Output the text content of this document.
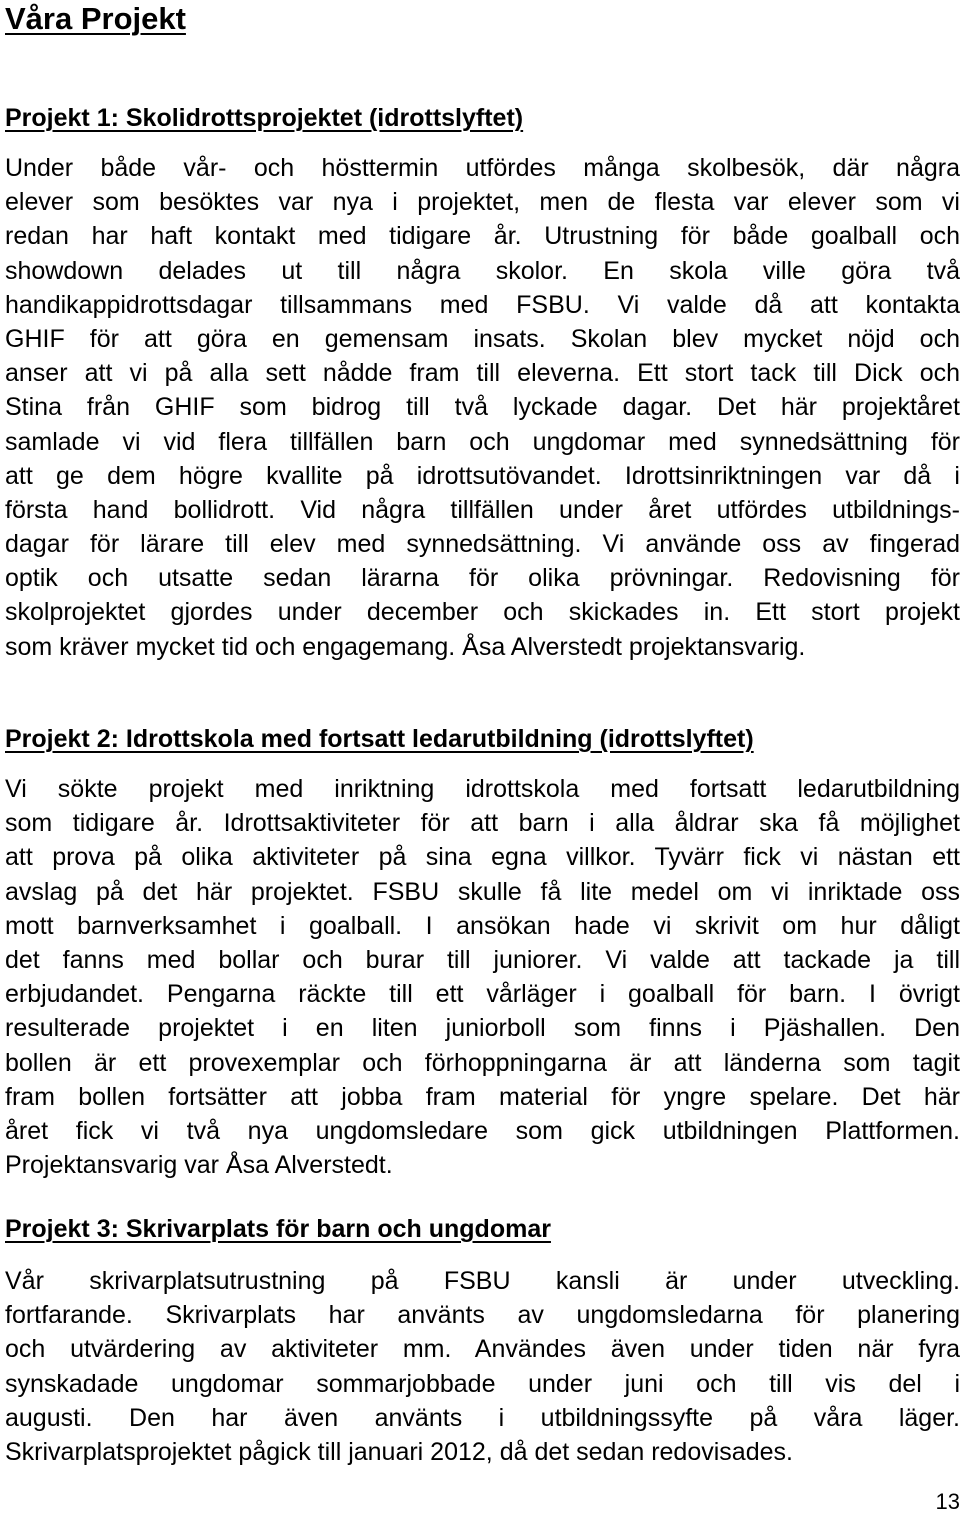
Våra Projekt
Projekt 1: Skolidrottsprojektet (idrottslyftet)
Under både vår- och hösttermin utfördes många skolbesök, där några
elever som besöktes var nya i projektet, men de flesta var elever som vi
redan har haft kontakt med tidigare år. Utrustning för både goalball och
showdown delades ut till några skolor. En skola ville göra två
handikappidrottsdagar tillsammans med FSBU. Vi valde då att kontakta
GHIF för att göra en gemensam insats. Skolan blev mycket nöjd och
anser att vi på alla sett nådde fram till eleverna. Ett stort tack till Dick och
Stina från GHIF som bidrog till två lyckade dagar. Det här projektåret
samlade vi vid flera tillfällen barn och ungdomar med synnedsättning för
att ge dem högre kvallite på idrottsutövandet. Idrottsinriktningen var då i
första hand bollidrott. Vid några tillfällen under året utfördes utbildnings-
dagar för lärare till elev med synnedsättning. Vi använde oss av fingerad
optik och utsatte sedan lärarna för olika prövningar. Redovisning för
skolprojektet gjordes under december och skickades in. Ett stort projekt
som kräver mycket tid och engagemang. Åsa Alverstedt projektansvarig.
Projekt 2: Idrottskola med fortsatt ledarutbildning (idrottslyftet)
Vi sökte projekt med inriktning idrottskola med fortsatt ledarutbildning
som tidigare år. Idrottsaktiviteter för att barn i alla åldrar ska få möjlighet
att prova på olika aktiviteter på sina egna villkor. Tyvärr fick vi nästan ett
avslag på det här projektet. FSBU skulle få lite medel om vi inriktade oss
mott barnverksamhet i goalball. I ansökan hade vi skrivit om hur dåligt
det fanns med bollar och burar till juniorer. Vi valde att tackade ja till
erbjudandet. Pengarna räckte till ett vårläger i goalball för barn. I övrigt
resulterade projektet i en liten juniorboll som finns i Pjäshallen. Den
bollen är ett provexemplar och förhoppningarna är att länderna som tagit
fram bollen fortsätter att jobba fram material för yngre spelare. Det här
året fick vi två nya ungdomsledare som gick utbildningen Plattformen.
Projektansvarig var Åsa Alverstedt.
Projekt 3: Skrivarplats för barn och ungdomar
Vår skrivarplatsutrustning på FSBU kansli är under utveckling.
fortfarande. Skrivarplats har använts av ungdomsledarna för planering
och utvärdering av aktiviteter mm. Användes även under tiden när fyra
synskadade ungdomar sommarjobbade under juni och till vis del i
augusti. Den har även använts i utbildningssyfte på våra läger.
Skrivarplatsprojektet pågick till januari 2012, då det sedan redovisades.

13
